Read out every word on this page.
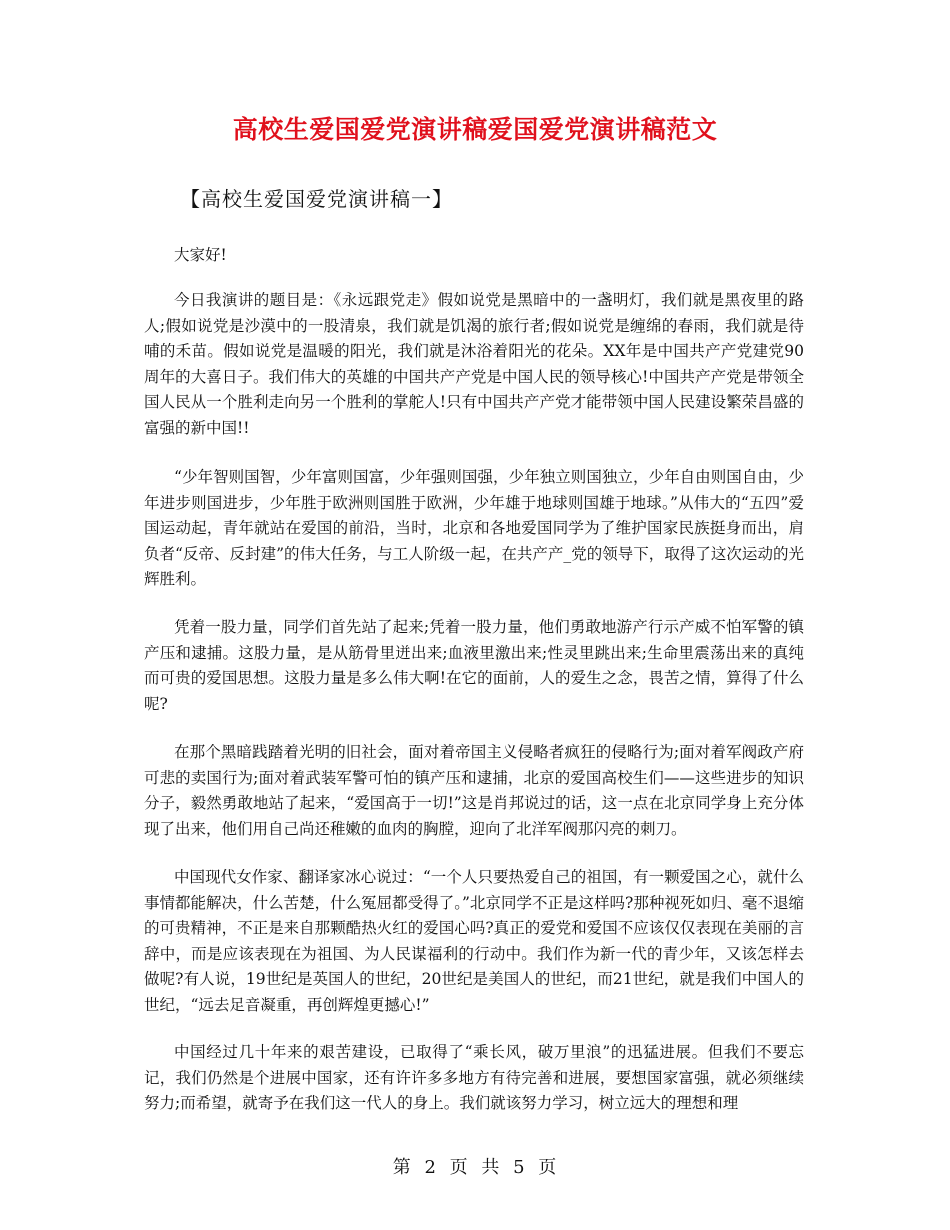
高校生爱国爱党演讲稿爱国爱党演讲稿范文
【高校生爱国爱党演讲稿一】
大家好!
今日我演讲的题目是：《永远跟党走》假如说党是黑暗中的一盏明灯，我们就是黑夜里的路人;假如说党是沙漠中的一股清泉，我们就是饥渴的旅行者;假如说党是缠绵的春雨，我们就是待哺的禾苗。假如说党是温暖的阳光，我们就是沐浴着阳光的花朵。XX年是中国共产产党建党90周年的大喜日子。我们伟大的英雄的中国共产产党是中国人民的领导核心!中国共产产党是带领全国人民从一个胜利走向另一个胜利的掌舵人!只有中国共产产党才能带领中国人民建设繁荣昌盛的富强的新中国!!
“少年智则国智，少年富则国富，少年强则国强，少年独立则国独立，少年自由则国自由，少年进步则国进步，少年胜于欧洲则国胜于欧洲，少年雄于地球则国雄于地球。”从伟大的“五四”爱国运动起，青年就站在爱国的前沿，当时，北京和各地爱国同学为了维护国家民族挺身而出，肩负者“反帝、反封建”的伟大任务，与工人阶级一起，在共产产_党的领导下，取得了这次运动的光辉胜利。
凭着一股力量，同学们首先站了起来;凭着一股力量，他们勇敢地游产行示产威不怕军警的镇产压和逮捕。这股力量，是从筋骨里迸出来;血液里激出来;性灵里跳出来;生命里震荡出来的真纯而可贵的爱国思想。这股力量是多么伟大啊!在它的面前，人的爱生之念，畏苦之情，算得了什么呢?
在那个黑暗践踏着光明的旧社会，面对着帝国主义侵略者疯狂的侵略行为;面对着军阀政产府可悲的卖国行为;面对着武装军警可怕的镇产压和逮捕，北京的爱国高校生们——这些进步的知识分子，毅然勇敢地站了起来，“爱国高于一切!”这是肖邦说过的话，这一点在北京同学身上充分体现了出来，他们用自己尚还稚嫩的血肉的胸膛，迎向了北洋军阀那闪亮的刺刀。
中国现代女作家、翻译家冰心说过：“一个人只要热爱自己的祖国，有一颗爱国之心，就什么事情都能解决，什么苦楚，什么冤屈都受得了。”北京同学不正是这样吗?那种视死如归、毫不退缩的可贵精神，不正是来自那颗酷热火红的爱国心吗?真正的爱党和爱国不应该仅仅表现在美丽的言辞中，而是应该表现在为祖国、为人民谋福利的行动中。我们作为新一代的青少年，又该怎样去做呢?有人说，19世纪是英国人的世纪，20世纪是美国人的世纪，而21世纪，就是我们中国人的世纪，“远去足音凝重，再创辉煌更撼心!”
中国经过几十年来的艰苦建设，已取得了“乘长风，破万里浪”的迅猛进展。但我们不要忘记，我们仍然是个进展中国家，还有许许多多地方有待完善和进展，要想国家富强，就必须继续努力;而希望，就寄予在我们这一代人的身上。我们就该努力学习，树立远大的理想和理
第 2 页 共 5 页
